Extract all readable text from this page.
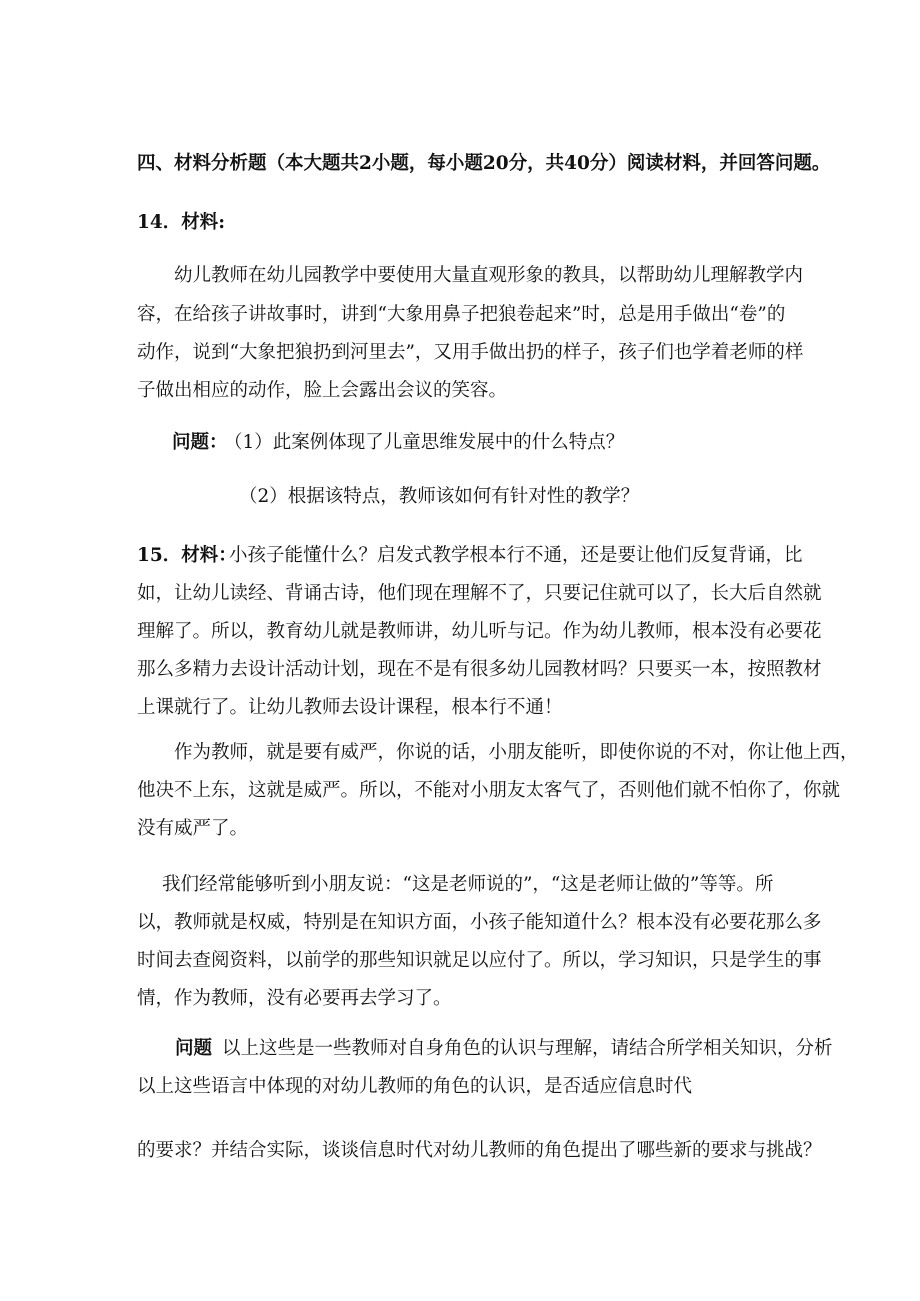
四、材料分析题（本大题共2小题，每小题20分，共40分）阅读材料，并回答问题。
14．材料:
幼儿教师在幼儿园教学中要使用大量直观形象的教具，以帮助幼儿理解教学内
容，在给孩子讲故事时，讲到“大象用鼻子把狼卷起来”时，总是用手做出“卷”的
动作，说到“大象把狼扔到河里去”，又用手做出扔的样子，孩子们也学着老师的样
子做出相应的动作，脸上会露出会议的笑容。
问题：
（1）此案例体现了儿童思维发展中的什么特点？
（2）根据该特点，教师该如何有针对性的教学？
15．材料：
小孩子能懂什么？启发式教学根本行不通，还是要让他们反复背诵，比
如，让幼儿读经、背诵古诗，他们现在理解不了，只要记住就可以了，长大后自然就
理解了。所以，教育幼儿就是教师讲，幼儿听与记。作为幼儿教师，根本没有必要花
那么多精力去设计活动计划，现在不是有很多幼儿园教材吗？只要买一本，按照教材
上课就行了。让幼儿教师去设计课程，根本行不通！
作为教师，就是要有威严，你说的话，小朋友能听，即使你说的不对，你让他上西，
他决不上东，这就是威严。所以，不能对小朋友太客气了，否则他们就不怕你了，你就
没有威严了。
我们经常能够听到小朋友说：“这是老师说的”，“这是老师让做的”等等。所
以，教师就是权威，特别是在知识方面，小孩子能知道什么？根本没有必要花那么多
时间去查阅资料，以前学的那些知识就足以应付了。所以，学习知识，只是学生的事
情，作为教师，没有必要再去学习了。
问题 以上这些是一些教师对自身角色的认识与理解，请结合所学相关知识，分析
以上这些语言中体现的对幼儿教师的角色的认识，是否适应信息时代
的要求？并结合实际，谈谈信息时代对幼儿教师的角色提出了哪些新的要求与挑战？
